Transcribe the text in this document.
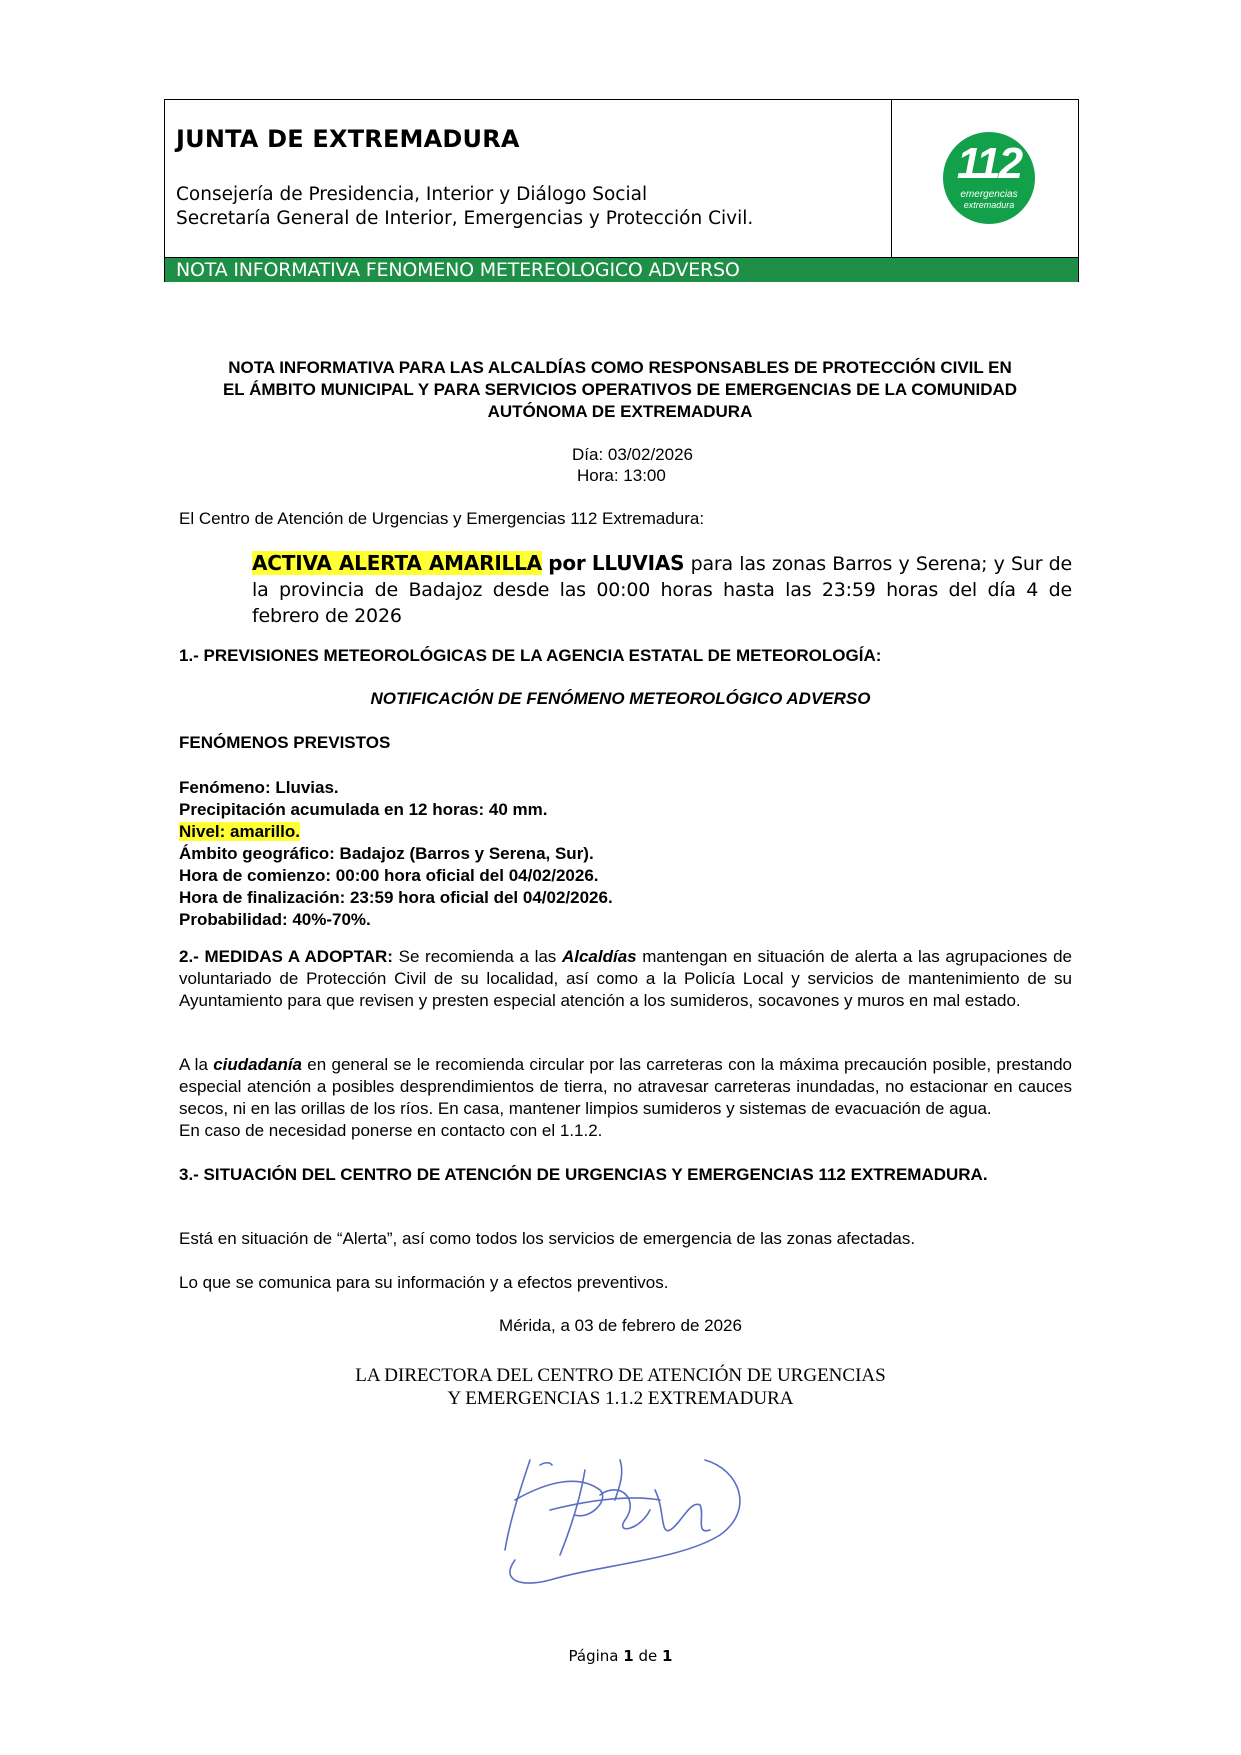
JUNTA DE EXTREMADURA
Consejería de Presidencia, Interior y Diálogo Social
Secretaría General de Interior, Emergencias y Protección Civil.
112
emergencias
extremadura
NOTA INFORMATIVA FENOMENO METEREOLOGICO ADVERSO
NOTA INFORMATIVA PARA LAS ALCALDÍAS COMO RESPONSABLES DE PROTECCIÓN CIVIL EN
EL ÁMBITO MUNICIPAL Y PARA SERVICIOS OPERATIVOS DE EMERGENCIAS DE LA COMUNIDAD
AUTÓNOMA DE EXTREMADURA
Día: 03/02/2026
Hora: 13:00
El Centro de Atención de Urgencias y Emergencias 112 Extremadura:
ACTIVA ALERTA AMARILLA por LLUVIAS para las zonas Barros y Serena; y Sur de la provincia de Badajoz desde las 00:00 horas hasta las 23:59 horas del día 4 de febrero de 2026
1.- PREVISIONES METEOROLÓGICAS DE LA AGENCIA ESTATAL DE METEOROLOGÍA:
NOTIFICACIÓN DE FENÓMENO METEOROLÓGICO ADVERSO
FENÓMENOS PREVISTOS
Fenómeno: Lluvias.
Precipitación acumulada en 12 horas: 40 mm.
Nivel: amarillo.
Ámbito geográfico: Badajoz (Barros y Serena, Sur).
Hora de comienzo: 00:00 hora oficial del 04/02/2026.
Hora de finalización: 23:59 hora oficial del 04/02/2026.
Probabilidad: 40%-70%.
2.- MEDIDAS A ADOPTAR: Se recomienda a las Alcaldías mantengan en situación de alerta a las agrupaciones de voluntariado de Protección Civil de su localidad, así como a la Policía Local y servicios de mantenimiento de su Ayuntamiento para que revisen y presten especial atención a los sumideros, socavones y muros en mal estado.
A la ciudadanía en general se le recomienda circular por las carreteras con la máxima precaución posible, prestando especial atención a posibles desprendimientos de tierra, no atravesar carreteras inundadas, no estacionar en cauces secos, ni en las orillas de los ríos. En casa, mantener limpios sumideros y sistemas de evacuación de agua.
En caso de necesidad ponerse en contacto con el 1.1.2.
3.- SITUACIÓN DEL CENTRO DE ATENCIÓN DE URGENCIAS Y EMERGENCIAS 112 EXTREMADURA.
Está en situación de “Alerta”, así como todos los servicios de emergencia de las zonas afectadas.
Lo que se comunica para su información y a efectos preventivos.
Mérida, a 03 de febrero de 2026
LA DIRECTORA DEL CENTRO DE ATENCIÓN DE URGENCIAS
Y EMERGENCIAS 1.1.2 EXTREMADURA
Página 1 de 1
